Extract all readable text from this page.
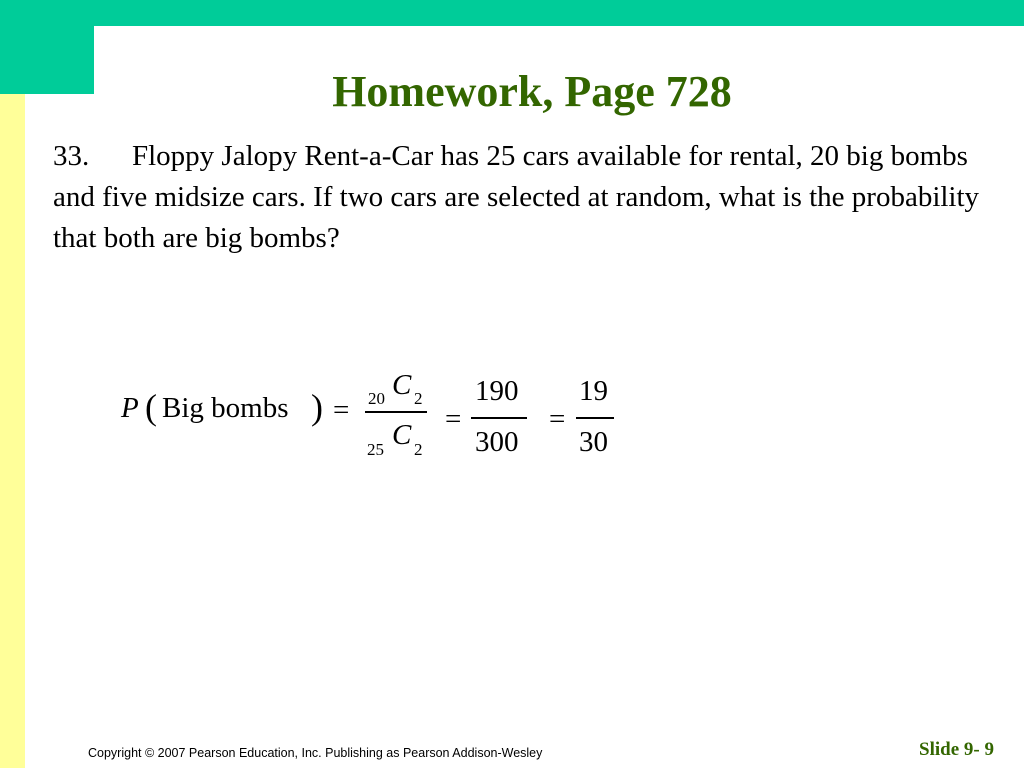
Homework, Page 728
33. Floppy Jalopy Rent-a-Car has 25 cars available for rental, 20 big bombs and five midsize cars. If two cars are selected at random, what is the probability that both are big bombs?
P ( Big bombs ) = 20 C 2
25 C 2
=
190
300
=
19
30
Copyright © 2007 Pearson Education, Inc. Publishing as Pearson Addison-Wesley	Slide 9- 9
